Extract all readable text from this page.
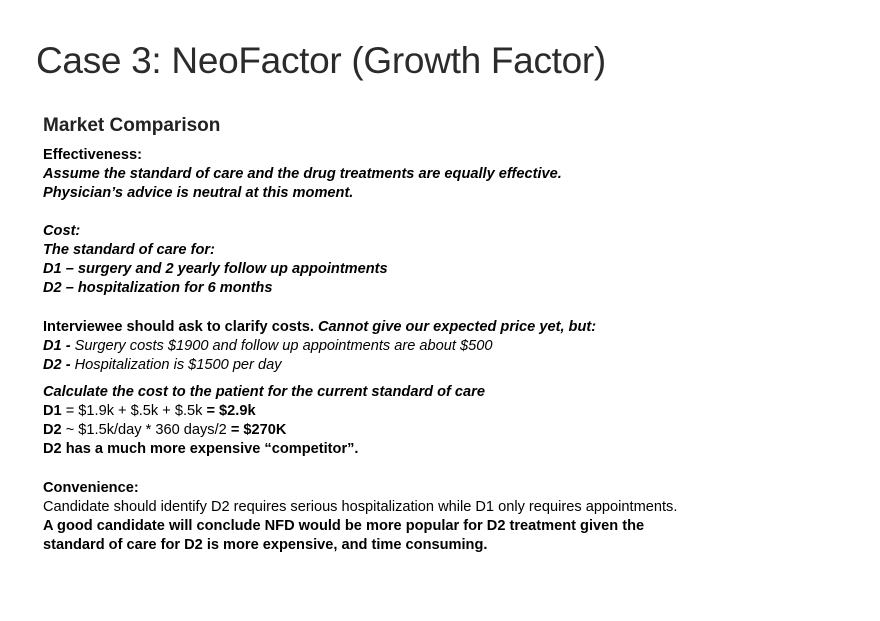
Case 3: NeoFactor (Growth Factor)
Market Comparison
Effectiveness:
Assume the standard of care and the drug treatments are equally effective.
Physician’s advice is neutral at this moment.
Cost:
The standard of care for:
D1 – surgery and 2 yearly follow up appointments
D2 – hospitalization for 6 months
Interviewee should ask to clarify costs. Cannot give our expected price yet, but:
D1 - Surgery costs $1900 and follow up appointments are about $500
D2 - Hospitalization is $1500 per day
Calculate the cost to the patient for the current standard of care
D1 = $1.9k + $.5k + $.5k = $2.9k
D2 ~ $1.5k/day * 360 days/2 = $270K
D2 has a much more expensive “competitor”.
Convenience:
Candidate should identify D2 requires serious hospitalization while D1 only requires appointments.
A good candidate will conclude NFD would be more popular for D2 treatment given the
standard of care for D2 is more expensive, and time consuming.
